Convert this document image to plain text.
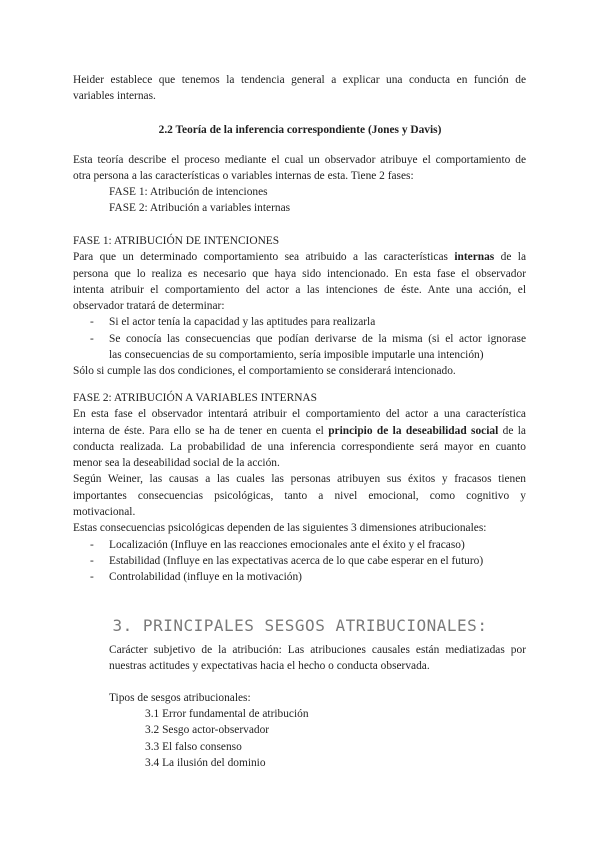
Heider establece que tenemos la tendencia general a explicar una conducta en función de
variables internas.
2.2 Teoría de la inferencia correspondiente (Jones y Davis)
Esta teoría describe el proceso mediante el cual un observador atribuye el comportamiento de
otra persona a las características o variables internas de esta. Tiene 2 fases:
FASE 1: Atribución de intenciones
FASE 2: Atribución a variables internas
FASE 1: ATRIBUCIÓN DE INTENCIONES
Para que un determinado comportamiento sea atribuido a las características internas de la
persona que lo realiza es necesario que haya sido intencionado. En esta fase el observador
intenta atribuir el comportamiento del actor a las intenciones de éste. Ante una acción, el
observador tratará de determinar:
- Si el actor tenía la capacidad y las aptitudes para realizarla
- Se conocía las consecuencias que podían derivarse de la misma (si el actor ignorase
las consecuencias de su comportamiento, sería imposible imputarle una intención)
Sólo si cumple las dos condiciones, el comportamiento se considerará intencionado.
FASE 2: ATRIBUCIÓN A VARIABLES INTERNAS
En esta fase el observador intentará atribuir el comportamiento del actor a una característica
interna de éste. Para ello se ha de tener en cuenta el principio de la deseabilidad social de la
conducta realizada. La probabilidad de una inferencia correspondiente será mayor en cuanto
menor sea la deseabilidad social de la acción.
Según Weiner, las causas a las cuales las personas atribuyen sus éxitos y fracasos tienen
importantes consecuencias psicológicas, tanto a nivel emocional, como cognitivo y
motivacional.
Estas consecuencias psicológicas dependen de las siguientes 3 dimensiones atribucionales:
- Localización (Influye en las reacciones emocionales ante el éxito y el fracaso)
- Estabilidad (Influye en las expectativas acerca de lo que cabe esperar en el futuro)
- Controlabilidad (influye en la motivación)
3. PRINCIPALES SESGOS ATRIBUCIONALES:
Carácter subjetivo de la atribución: Las atribuciones causales están mediatizadas por
nuestras actitudes y expectativas hacia el hecho o conducta observada.
Tipos de sesgos atribucionales:
3.1 Error fundamental de atribución
3.2 Sesgo actor-observador
3.3 El falso consenso
3.4 La ilusión del dominio
